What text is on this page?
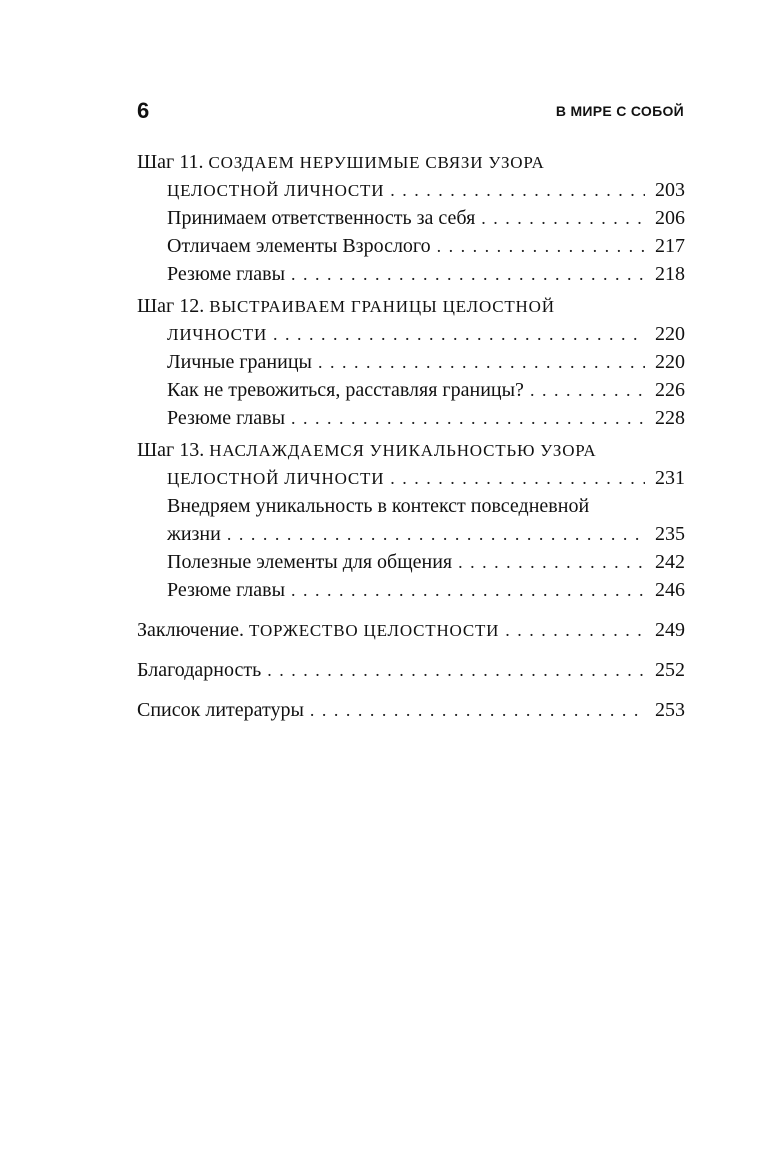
6	В МИРЕ С СОБОЙ
Шаг 11.
СОЗДАЕМ НЕРУШИМЫЕ СВЯЗИ УЗОРА
ЦЕЛОСТНОЙ ЛИЧНОСТИ . . .	203
Принимаем ответственность за себя . . .	206
Отличаем элементы Взрослого . . .	217
Резюме главы . . .	218
Шаг 12.
ВЫСТРАИВАЕМ ГРАНИЦЫ ЦЕЛОСТНОЙ
ЛИЧНОСТИ . . .	220
Личные границы . . .	220
Как не тревожиться, расставляя границы? . . .	226
Резюме главы . . .	228
Шаг 13.
НАСЛАЖДАЕМСЯ УНИКАЛЬНОСТЬЮ УЗОРА
ЦЕЛОСТНОЙ ЛИЧНОСТИ . . .	231
Внедряем уникальность в контекст повседневной
жизни . . .	235
Полезные элементы для общения . . .	242
Резюме главы . . .	246
Заключение.
ТОРЖЕСТВО ЦЕЛОСТНОСТИ . . .	249
Благодарность . . .	252
Список литературы . . .	253
